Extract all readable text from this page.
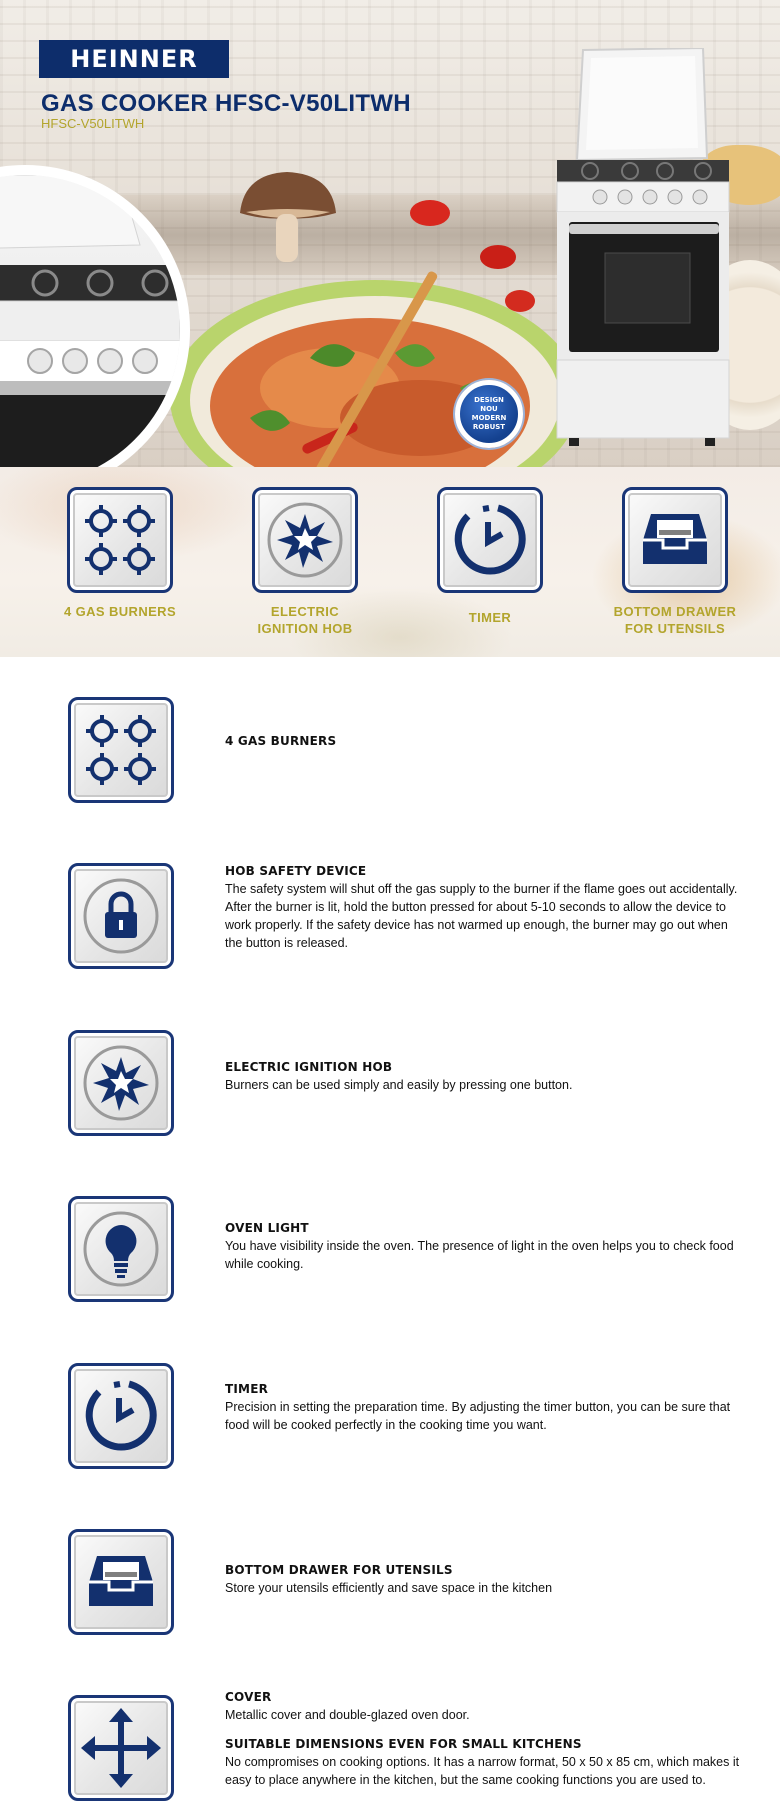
HEINNER
GAS COOKER HFSC-V50LITWH
HFSC-V50LITWH
DESIGN
NOU
MODERN
ROBUST
4 GAS BURNERS	ELECTRIC IGNITION HOB
TIMER	BOTTOM DRAWER FOR UTENSILS
4 GAS BURNERS
HOB SAFETY DEVICE
The safety system will shut off the gas supply to the burner if the flame goes out accidentally. After the burner is lit, hold the button pressed for about 5-10 seconds to allow the device to work properly. If the safety device has not warmed up enough, the burner may go out when the button is released.
ELECTRIC IGNITION HOB
Burners can be used simply and easily by pressing one button.
OVEN LIGHT
You have visibility inside the oven. The presence of light in the oven helps you to check food while cooking.
TIMER
Precision in setting the preparation time. By adjusting the timer button, you can be sure that food will be cooked perfectly in the cooking time you want.
BOTTOM DRAWER FOR UTENSILS
Store your utensils efficiently and save space in the kitchen
COVER
Metallic cover and double-glazed oven door.
SUITABLE DIMENSIONS EVEN FOR SMALL KITCHENS
No compromises on cooking options. It has a narrow format, 50 x 50 x 85 cm, which makes it easy to place anywhere in the kitchen, but the same cooking functions you are used to.
